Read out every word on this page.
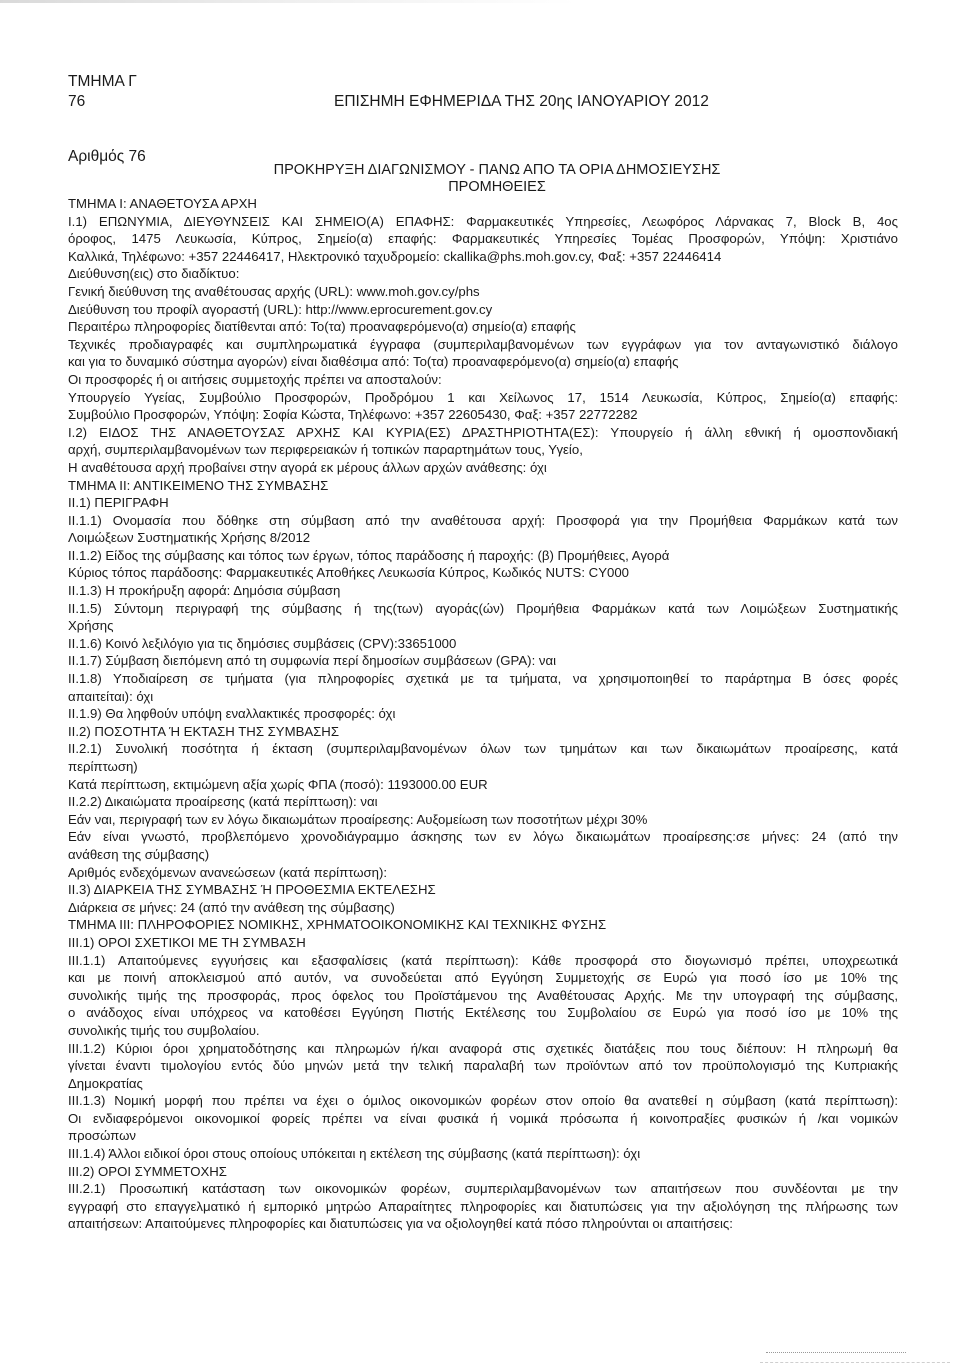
ΤΜΗΜΑ Γ
76	ΕΠΙΣΗΜΗ ΕΦΗΜΕΡΙΔΑ ΤΗΣ 20ης ΙΑΝΟΥΑΡΙΟΥ 2012
Αριθμός 76
ΠΡΟΚΗΡΥΞΗ ΔΙΑΓΩΝΙΣΜΟΥ - ΠΑΝΩ ΑΠΟ ΤΑ ΟΡΙΑ ΔΗΜΟΣΙΕΥΣΗΣ
ΠΡΟΜΗΘΕΙΕΣ
ΤΜΗΜΑ Ι: ΑΝΑΘΕΤΟΥΣΑ ΑΡΧΗ
Ι.1) ΕΠΩΝΥΜΙΑ, ΔΙΕΥΘΥΝΣΕΙΣ ΚΑΙ ΣΗΜΕΙΟ(Α) ΕΠΑΦΗΣ: Φαρμακευτικές Υπηρεσίες, Λεωφόρος Λάρνακας 7, Block B, 4ος
όροφος, 1475 Λευκωσία, Κύπρος, Σημείο(α) επαφής: Φαρμακευτικές Υπηρεσίες Τομέας Προσφορών, Υπόψη: Χριστιάνο
Καλλικά, Τηλέφωνο: +357 22446417, Ηλεκτρονικό ταχυδρομείο: ckallika@phs.moh.gov.cy, Φαξ: +357 22446414
Διεύθυνση(εις) στο διαδίκτυο:
Γενική διεύθυνση της αναθέτουσας αρχής (URL): www.moh.gov.cy/phs
Διεύθυνση του προφίλ αγοραστή (URL): http://www.eprocurement.gov.cy
Περαιτέρω πληροφορίες διατίθενται από: Το(τα) προαναφερόμενο(α) σημείο(α) επαφής
Τεχνικές προδιαγραφές και συμπληρωματικά έγγραφα (συμπεριλαμβανομένων των εγγράφων για τον ανταγωνιστικό διάλογο
και για το δυναμικό σύστημα αγορών) είναι διαθέσιμα από: Το(τα) προαναφερόμενο(α) σημείο(α) επαφής
Οι προσφορές ή οι αιτήσεις συμμετοχής πρέπει να αποσταλούν:
Υπουργείο Υγείας, Συμβούλιο Προσφορών, Προδρόμου 1 και Χείλωνος 17, 1514 Λευκωσία, Κύπρος, Σημείο(α) επαφής:
Συμβούλιο Προσφορών, Υπόψη: Σοφία Κώστα, Τηλέφωνο: +357 22605430, Φαξ: +357 22772282
Ι.2) ΕΙΔΟΣ ΤΗΣ ΑΝΑΘΕΤΟΥΣΑΣ ΑΡΧΗΣ ΚΑΙ ΚΥΡΙΑ(ΕΣ) ΔΡΑΣΤΗΡΙΟΤΗΤΑ(ΕΣ): Υπουργείο ή άλλη εθνική ή ομοσπονδιακή
αρχή, συμπεριλαμβανομένων των περιφερειακών ή τοπικών παραρτημάτων τους, Υγείο,
Η αναθέτουσα αρχή προβαίνει στην αγορά εκ μέρους άλλων αρχών ανάθεσης: όχι
ΤΜΗΜΑ ΙΙ: ΑΝΤΙΚΕΙΜΕΝΟ ΤΗΣ ΣΥΜΒΑΣΗΣ
ΙΙ.1) ΠΕΡΙΓΡΑΦΗ
ΙΙ.1.1) Ονομασία που δόθηκε στη σύμβαση από την αναθέτουσα αρχή: Προσφορά για την Προμήθεια Φαρμάκων κατά των
Λοιμώξεων Συστηματικής Χρήσης 8/2012
ΙΙ.1.2) Είδος της σύμβασης και τόπος των έργων, τόπος παράδοσης ή παροχής: (β) Προμήθειες, Αγορά
Κύριος τόπος παράδοσης: Φαρμακευτικές Αποθήκες Λευκωσία Κύπρος, Κωδικός NUTS: CY000
ΙΙ.1.3) Η προκήρυξη αφορά: Δημόσια σύμβαση
ΙΙ.1.5) Σύντομη περιγραφή της σύμβασης ή της(των) αγοράς(ών) Προμήθεια Φαρμάκων κατά των Λοιμώξεων Συστηματικής
Χρήσης
ΙΙ.1.6) Κοινό λεξιλόγιο για τις δημόσιες συμβάσεις (CPV):33651000
ΙΙ.1.7) Σύμβαση διεπόμενη από τη συμφωνία περί δημοσίων συμβάσεων (GPA): ναι
ΙΙ.1.8) Υποδιαίρεση σε τμήματα (για πληροφορίες σχετικά με τα τμήματα, να χρησιμοποιηθεί το παράρτημα Β όσες φορές
απαιτείται): όχι
ΙΙ.1.9) Θα ληφθούν υπόψη εναλλακτικές προσφορές: όχι
ΙΙ.2) ΠΟΣΟΤΗΤΑ Ή ΕΚΤΑΣΗ ΤΗΣ ΣΥΜΒΑΣΗΣ
ΙΙ.2.1) Συνολική ποσότητα ή έκταση (συμπεριλαμβανομένων όλων των τμημάτων και των δικαιωμάτων προαίρεσης, κατά
περίπτωση)
Κατά περίπτωση, εκτιμώμενη αξία χωρίς ΦΠΑ (ποσό): 1193000.00 EUR
ΙΙ.2.2) Δικαιώματα προαίρεσης (κατά περίπτωση): ναι
Εάν ναι, περιγραφή των εν λόγω δικαιωμάτων προαίρεσης: Αυξομείωση των ποσοτήτων μέχρι 30%
Εάν είναι γνωστό, προβλεπόμενο χρονοδιάγραμμο άσκησης των εν λόγω δικαιωμάτων προαίρεσης:σε μήνες: 24 (από την
ανάθεση της σύμβασης)
Αριθμός ενδεχόμενων ανανεώσεων (κατά περίπτωση):
ΙΙ.3) ΔΙΑΡΚΕΙΑ ΤΗΣ ΣΥΜΒΑΣΗΣ Ή ΠΡΟΘΕΣΜΙΑ ΕΚΤΕΛΕΣΗΣ
Διάρκεια σε μήνες: 24 (από την ανάθεση της σύμβασης)
ΤΜΗΜΑ ΙΙΙ: ΠΛΗΡΟΦΟΡΙΕΣ ΝΟΜΙΚΗΣ, ΧΡΗΜΑΤΟΟΙΚΟΝΟΜΙΚΗΣ ΚΑΙ ΤΕΧΝΙΚΗΣ ΦΥΣΗΣ
ΙΙΙ.1) ΟΡΟΙ ΣΧΕΤΙΚΟΙ ΜΕ ΤΗ ΣΥΜΒΑΣΗ
ΙΙΙ.1.1) Απαιτούμενες εγγυήσεις και εξασφαλίσεις (κατά περίπτωση): Κάθε προσφορά στο διογωνισμό πρέπει, υποχρεωτικά
και με ποινή αποκλεισμού από αυτόν, να συνοδεύεται από Εγγύηση Συμμετοχής σε Ευρώ για ποσό ίσο με 10% της
συνολικής τιμής της προσφοράς, προς όφελος του Προϊστάμενου της Αναθέτουσας Αρχής. Με την υπογραφή της σύμβασης,
ο ανάδοχος είναι υπόχρεος να κατοθέσει Εγγύηση Πιστής Εκτέλεσης του Συμβολαίου σε Ευρώ για ποσό ίσο με 10% της
συνολικής τιμής του συμβολαίου.
ΙΙΙ.1.2) Κύριοι όροι χρηματοδότησης και πληρωμών ή/και αναφορά στις σχετικές διατάξεις που τους διέπουν: Η πληρωμή θα
γίνεται έναντι τιμολογίου εντός δύο μηνών μετά την τελική παραλαβή των προϊόντων από τον προϋπολογισμό της Κυπριακής
Δημοκρατίας
ΙΙΙ.1.3) Νομική μορφή που πρέπει να έχει ο όμιλος οικονομικών φορέων στον οποίο θα ανατεθεί η σύμβαση (κατά περίπτωση):
Οι ενδιαφερόμενοι οικονομικοί φορείς πρέπει να είναι φυσικά ή νομικά πρόσωπα ή κοινοπραξίες φυσικών ή /και νομικών
προσώπων
ΙΙΙ.1.4) Άλλοι ειδικοί όροι στους οποίους υπόκειται η εκτέλεση της σύμβασης (κατά περίπτωση): όχι
ΙΙΙ.2) ΟΡΟΙ ΣΥΜΜΕΤΟΧΗΣ
ΙΙΙ.2.1) Προσωπική κατάσταση των οικονομικών φορέων, συμπεριλαμβανομένων των απαιτήσεων που συνδέονται με την
εγγραφή στο επαγγελματικό ή εμπορικό μητρώο Απαραίτητες πληροφορίες και διατυπώσεις για την αξιολόγηση της πλήρωσης των
απαιτήσεων: Απαιτούμενες πληροφορίες και διατυπώσεις για να οξιολογηθεί κατά πόσο πληρούνται οι απαιτήσεις:
